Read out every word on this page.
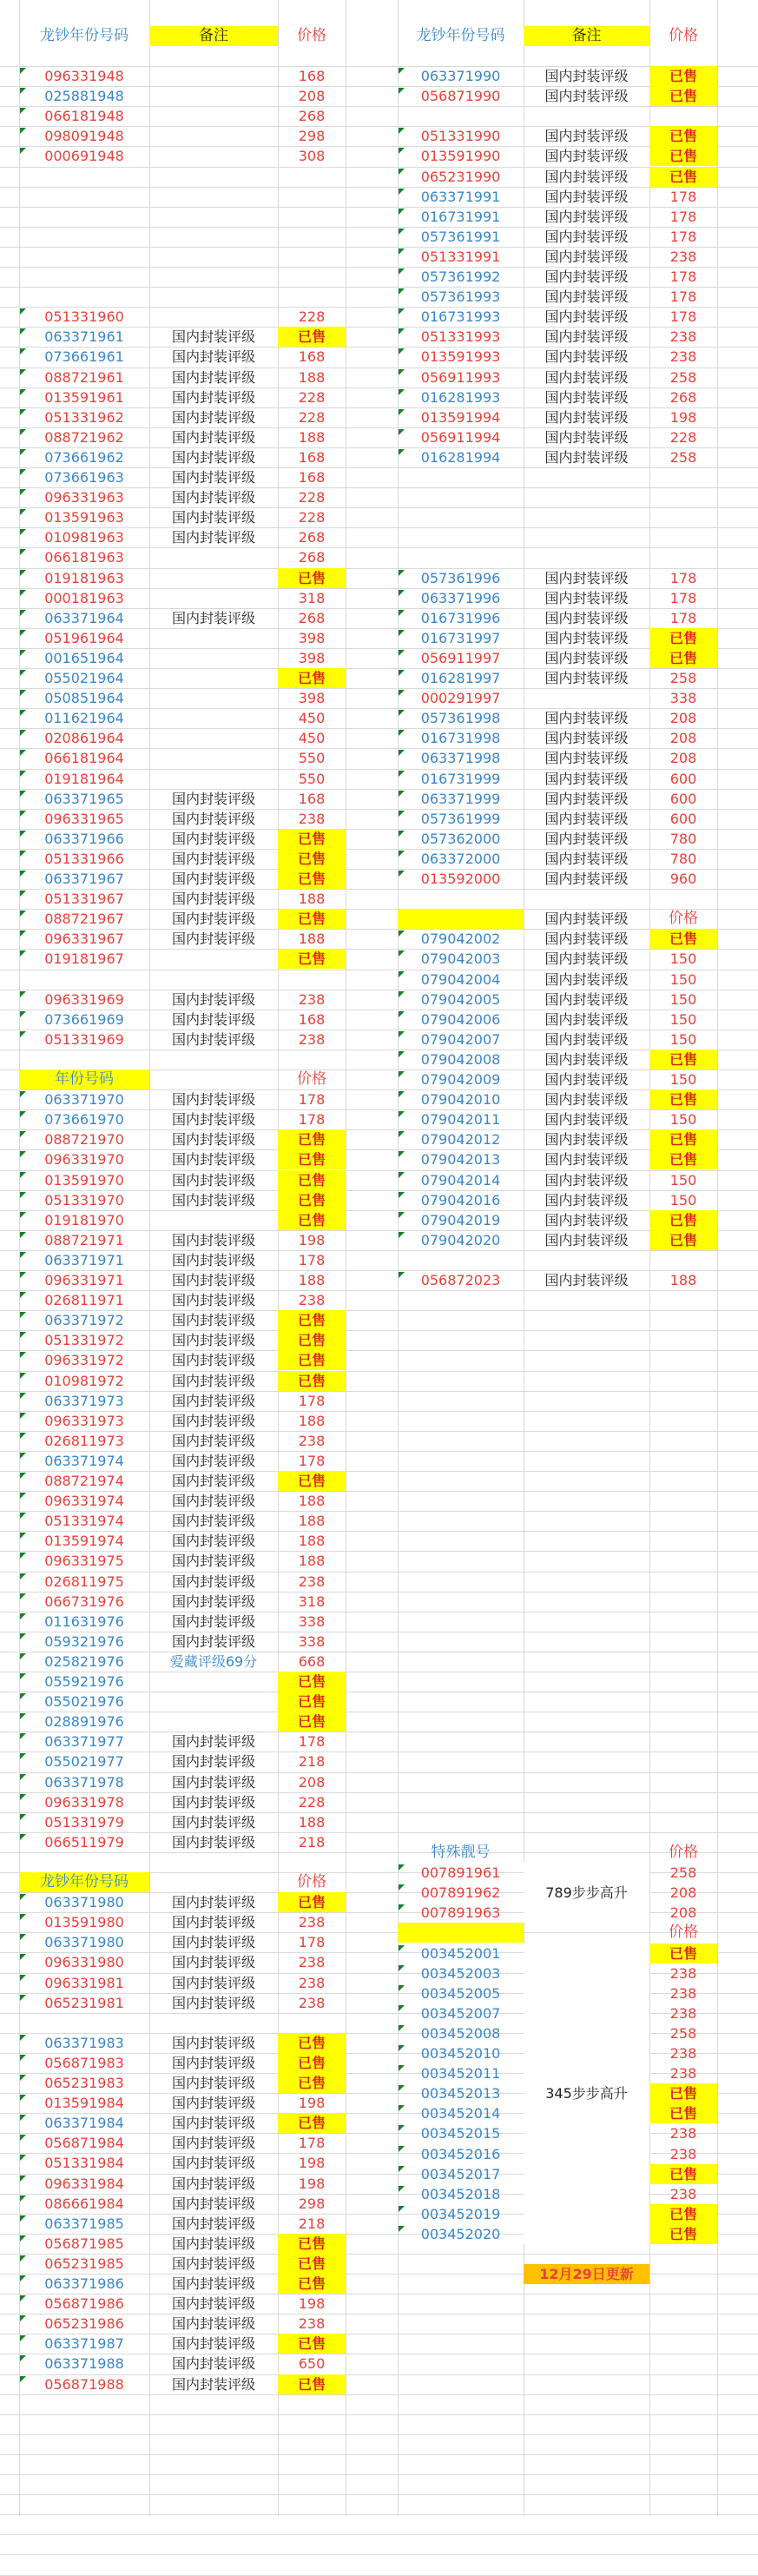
龙钞年份号码	备注	价格	龙钞年份号码	备注	价格
096331948	168
025881948	208
066181948	268
098091948	298
000691948	308
051331960	228
063371961	国内封装评级	已售
073661961	国内封装评级	168
088721961	国内封装评级	188
013591961	国内封装评级	228
051331962	国内封装评级	228
088721962	国内封装评级	188
073661962	国内封装评级	168
073661963	国内封装评级	168
096331963	国内封装评级	228
013591963	国内封装评级	228
010981963	国内封装评级	268
066181963	268
019181963	已售
000181963	318
063371964	国内封装评级	268
051961964	398
001651964	398
055021964	已售
050851964	398
011621964	450
020861964	450
066181964	550
019181964	550
063371965	国内封装评级	168
096331965	国内封装评级	238
063371966	国内封装评级	已售
051331966	国内封装评级	已售
063371967	国内封装评级	已售
051331967	国内封装评级	188
088721967	国内封装评级	已售
096331967	国内封装评级	188
019181967	已售
096331969	国内封装评级	238
073661969	国内封装评级	168
051331969	国内封装评级	238
年份号码	价格
063371970	国内封装评级	178
073661970	国内封装评级	178
088721970	国内封装评级	已售
096331970	国内封装评级	已售
013591970	国内封装评级	已售
051331970	国内封装评级	已售
019181970	已售
088721971	国内封装评级	198
063371971	国内封装评级	178
096331971	国内封装评级	188
026811971	国内封装评级	238
063371972	国内封装评级	已售
051331972	国内封装评级	已售
096331972	国内封装评级	已售
010981972	国内封装评级	已售
063371973	国内封装评级	178
096331973	国内封装评级	188
026811973	国内封装评级	238
063371974	国内封装评级	178
088721974	国内封装评级	已售
096331974	国内封装评级	188
051331974	国内封装评级	188
013591974	国内封装评级	188
096331975	国内封装评级	188
026811975	国内封装评级	238
066731976	国内封装评级	318
011631976	国内封装评级	338
059321976	国内封装评级	338
025821976	爱藏评级69分	668
055921976	已售
055021976	已售
028891976	已售
063371977	国内封装评级	178
055021977	国内封装评级	218
063371978	国内封装评级	208
096331978	国内封装评级	228
051331979	国内封装评级	188
066511979	国内封装评级	218
龙钞年份号码	价格
063371980	国内封装评级	已售
013591980	国内封装评级	238
063371980	国内封装评级	178
096331980	国内封装评级	238
096331981	国内封装评级	238
065231981	国内封装评级	238
063371983	国内封装评级	已售
056871983	国内封装评级	已售
065231983	国内封装评级	已售
013591984	国内封装评级	198
063371984	国内封装评级	已售
056871984	国内封装评级	178
051331984	国内封装评级	198
096331984	国内封装评级	198
086661984	国内封装评级	298
063371985	国内封装评级	218
056871985	国内封装评级	已售
065231985	国内封装评级	已售
063371986	国内封装评级	已售
056871986	国内封装评级	198
065231986	国内封装评级	238
063371987	国内封装评级	已售
063371988	国内封装评级	650
056871988	国内封装评级	已售
063371990	国内封装评级	已售
056871990	国内封装评级	已售
051331990	国内封装评级	已售
013591990	国内封装评级	已售
065231990	国内封装评级	已售
063371991	国内封装评级	178
016731991	国内封装评级	178
057361991	国内封装评级	178
051331991	国内封装评级	238
057361992	国内封装评级	178
057361993	国内封装评级	178
016731993	国内封装评级	178
051331993	国内封装评级	238
013591993	国内封装评级	238
056911993	国内封装评级	258
016281993	国内封装评级	268
013591994	国内封装评级	198
056911994	国内封装评级	228
016281994	国内封装评级	258
057361996	国内封装评级	178
063371996	国内封装评级	178
016731996	国内封装评级	178
016731997	国内封装评级	已售
056911997	国内封装评级	已售
016281997	国内封装评级	258
000291997	338
057361998	国内封装评级	208
016731998	国内封装评级	208
063371998	国内封装评级	208
016731999	国内封装评级	600
063371999	国内封装评级	600
057361999	国内封装评级	600
057362000	国内封装评级	780
063372000	国内封装评级	780
013592000	国内封装评级	960
国内封装评级	价格
079042002	国内封装评级	已售
079042003	国内封装评级	150
079042004	国内封装评级	150
079042005	国内封装评级	150
079042006	国内封装评级	150
079042007	国内封装评级	150
079042008	国内封装评级	已售
079042009	国内封装评级	150
079042010	国内封装评级	已售
079042011	国内封装评级	150
079042012	国内封装评级	已售
079042013	国内封装评级	已售
079042014	国内封装评级	150
079042016	国内封装评级	150
079042019	国内封装评级	已售
079042020	国内封装评级	已售
056872023	国内封装评级	188
特殊靓号	价格
007891961	258
007891962	208
007891963	208
789步步高升
价格
003452001	已售
003452003	238
003452005	238
003452007	238
003452008	258
003452010	238
003452011	238
003452013	已售
003452014	已售
003452015	238
003452016	238
003452017	已售
003452018	238
003452019	已售
003452020	已售
345步步高升
12月29日更新
